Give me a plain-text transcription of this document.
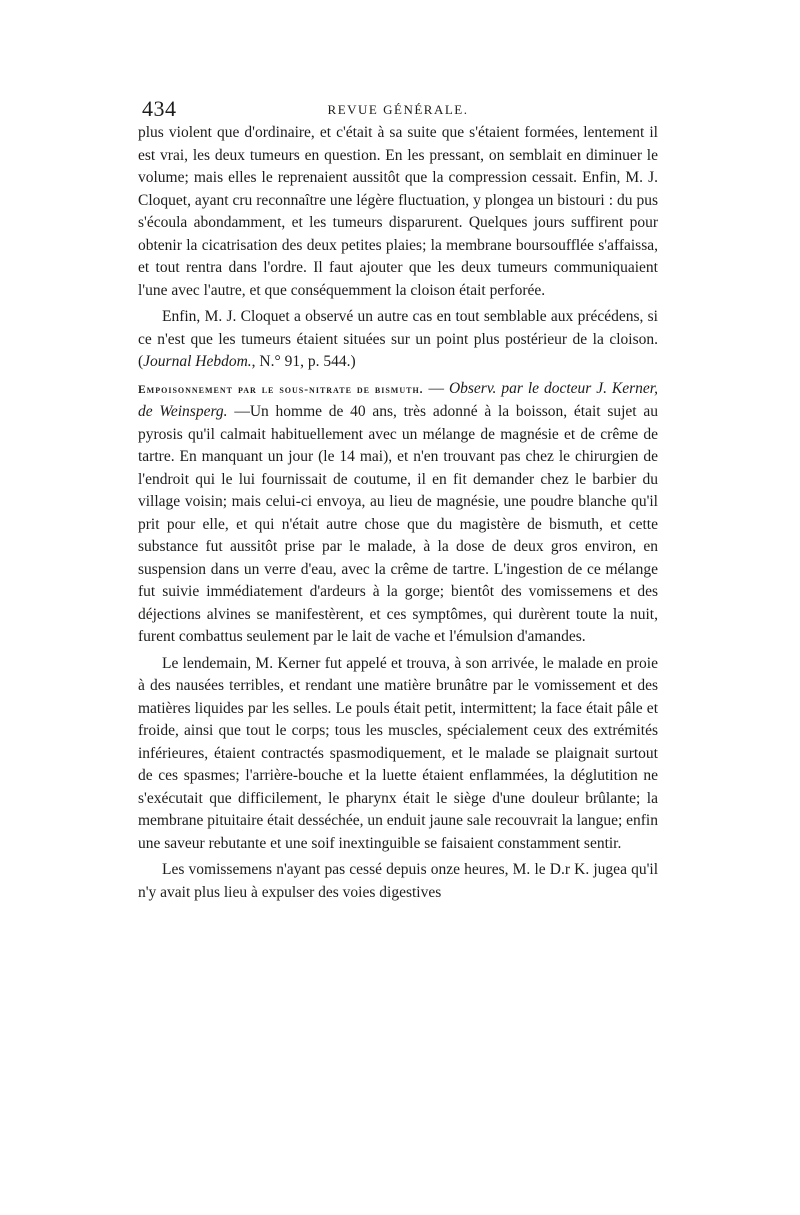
434	REVUE GÉNÉRALE.

plus violent que d'ordinaire, et c'était à sa suite que s'étaient formées, lentement il est vrai, les deux tumeurs en question. En les pressant, on semblait en diminuer le volume; mais elles le reprenaient aussitôt que la compression cessait. Enfin, M. J. Cloquet, ayant cru reconnaître une légère fluctuation, y plongea un bistouri : du pus s'écoula abondamment, et les tumeurs disparurent. Quelques jours suffirent pour obtenir la cicatrisation des deux petites plaies; la membrane boursoufflée s'affaissa, et tout rentra dans l'ordre. Il faut ajouter que les deux tumeurs communiquaient l'une avec l'autre, et que conséquemment la cloison était perforée.

Enfin, M. J. Cloquet a observé un autre cas en tout semblable aux précédens, si ce n'est que les tumeurs étaient situées sur un point plus postérieur de la cloison. (Journal Hebdom., N.° 91, p. 544.)

Empoisonnement par le sous-nitrate de bismuth. — Observ. par le docteur J. Kerner, de Weinsperg. —Un homme de 40 ans, très adonné à la boisson, était sujet au pyrosis qu'il calmait habituellement avec un mélange de magnésie et de crême de tartre. En manquant un jour (le 14 mai), et n'en trouvant pas chez le chirurgien de l'endroit qui le lui fournissait de coutume, il en fit demander chez le barbier du village voisin; mais celui-ci envoya, au lieu de magnésie, une poudre blanche qu'il prit pour elle, et qui n'était autre chose que du magistère de bismuth, et cette substance fut aussitôt prise par le malade, à la dose de deux gros environ, en suspension dans un verre d'eau, avec la crême de tartre. L'ingestion de ce mélange fut suivie immédiatement d'ardeurs à la gorge; bientôt des vomissemens et des déjections alvines se manifestèrent, et ces symptômes, qui durèrent toute la nuit, furent combattus seulement par le lait de vache et l'émulsion d'amandes.

Le lendemain, M. Kerner fut appelé et trouva, à son arrivée, le malade en proie à des nausées terribles, et rendant une matière brunâtre par le vomissement et des matières liquides par les selles. Le pouls était petit, intermittent; la face était pâle et froide, ainsi que tout le corps; tous les muscles, spécialement ceux des extrémités inférieures, étaient contractés spasmodiquement, et le malade se plaignait surtout de ces spasmes; l'arrière-bouche et la luette étaient enflammées, la déglutition ne s'exécutait que difficilement, le pharynx était le siège d'une douleur brûlante; la membrane pituitaire était desséchée, un enduit jaune sale recouvrait la langue; enfin une saveur rebutante et une soif inextinguible se faisaient constamment sentir.

Les vomissemens n'ayant pas cessé depuis onze heures, M. le D.r K. jugea qu'il n'y avait plus lieu à expulser des voies digestives
